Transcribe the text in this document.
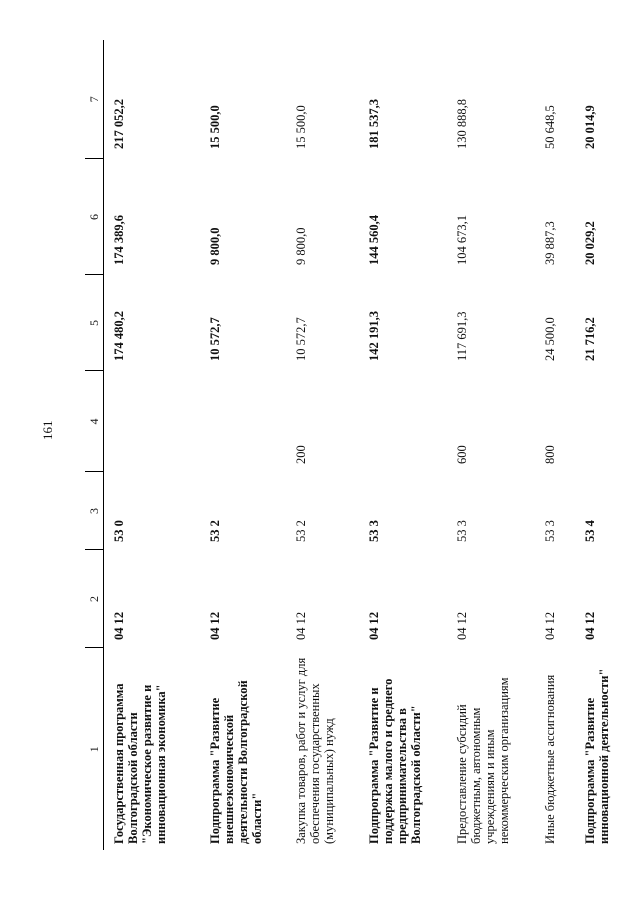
161
1	2	3	4	5	6	7
Государственная программа Волгоградской области "Экономическое развитие и инновационная экономика"	04 12	53 0		174 480,2	174 389,6	217 052,2
Подпрограмма "Развитие внешнеэкономической деятельности Волгоградской области"	04 12	53 2		10 572,7	9 800,0	15 500,0
Закупка товаров, работ и услуг для обеспечения государственных (муниципальных) нужд	04 12	53 2	200	10 572,7	9 800,0	15 500,0
Подпрограмма "Развитие и поддержка малого и среднего предпринимательства в Волгоградской области"	04 12	53 3		142 191,3	144 560,4	181 537,3
Предоставление субсидий бюджетным, автономным учреждениям и иным некоммерческим организациям	04 12	53 3	600	117 691,3	104 673,1	130 888,8
Иные бюджетные ассигнования	04 12	53 3	800	24 500,0	39 887,3	50 648,5
Подпрограмма "Развитие инновационной деятельности"	04 12	53 4		21 716,2	20 029,2	20 014,9
